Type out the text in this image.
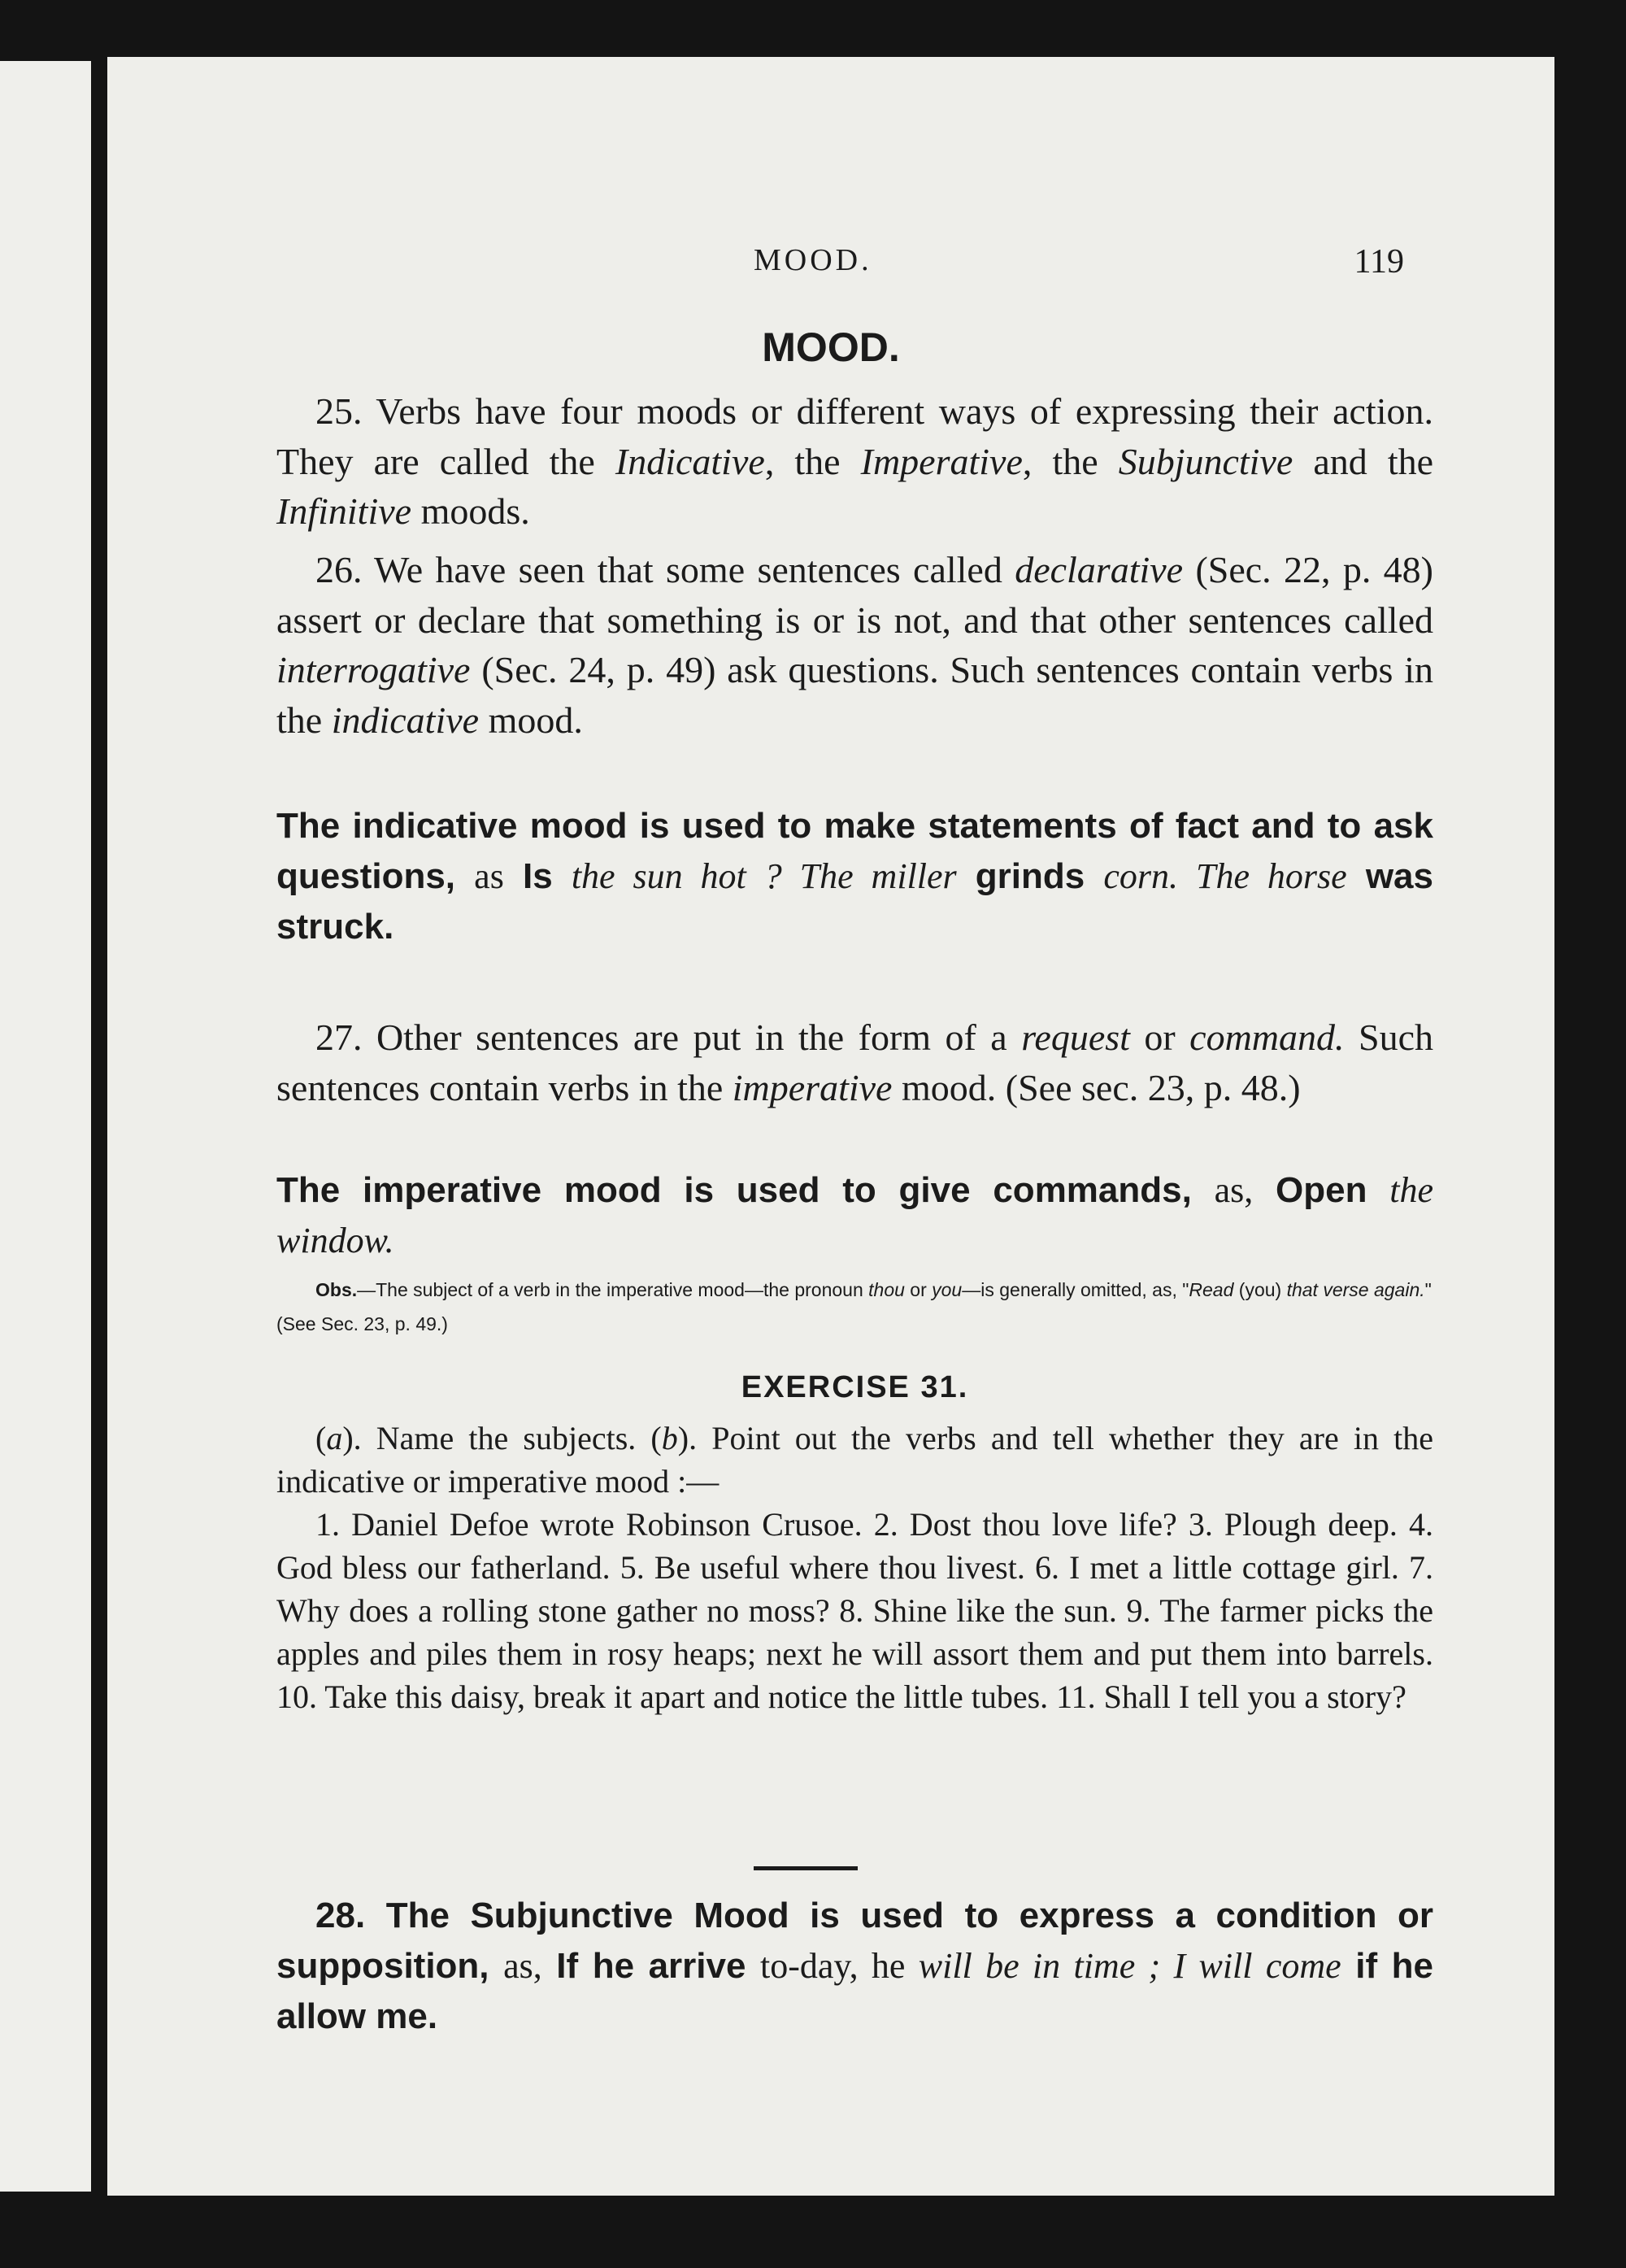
MOOD.	119
MOOD.

25. Verbs have four moods or different ways of expressing their action. They are called the Indicative, the Imperative, the Subjunctive and the Infinitive moods.

26. We have seen that some sentences called declarative (Sec. 22, p. 48) assert or declare that something is or is not, and that other sentences called interrogative (Sec. 24, p. 49) ask questions. Such sentences contain verbs in the indicative mood.

The indicative mood is used to make statements of fact and to ask questions, as Is the sun hot ? The miller grinds corn. The horse was struck.

27. Other sentences are put in the form of a request or command. Such sentences contain verbs in the imperative mood. (See sec. 23, p. 48.)

The imperative mood is used to give commands, as, Open the window.

Obs.—The subject of a verb in the imperative mood—the pronoun thou or you—is generally omitted, as, "Read (you) that verse again." (See Sec. 23, p. 49.)

EXERCISE 31.

(a). Name the subjects. (b). Point out the verbs and tell whether they are in the indicative or imperative mood :—

1. Daniel Defoe wrote Robinson Crusoe. 2. Dost thou love life? 3. Plough deep. 4. God bless our fatherland. 5. Be useful where thou livest. 6. I met a little cottage girl. 7. Why does a rolling stone gather no moss? 8. Shine like the sun. 9. The farmer picks the apples and piles them in rosy heaps; next he will assort them and put them into barrels. 10. Take this daisy, break it apart and notice the little tubes. 11. Shall I tell you a story?

28. The Subjunctive Mood is used to express a condition or supposition, as, If he arrive to-day, he will be in time ; I will come if he allow me.
